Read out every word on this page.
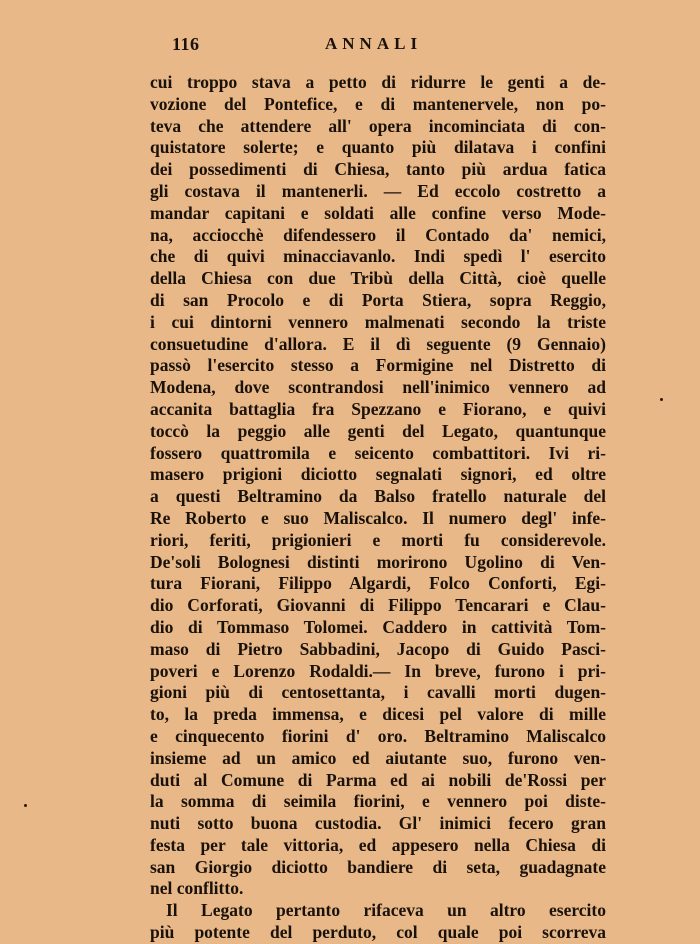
116	ANNALI
cui troppo stava a petto di ridurre le genti a de-
vozione del Pontefice, e di mantenervele, non po-
teva che attendere all' opera incominciata di con-
quistatore solerte; e quanto più dilatava i confini
dei possedimenti di Chiesa, tanto più ardua fatica
gli costava il mantenerli. — Ed eccolo costretto a
mandar capitani e soldati alle confine verso Mode-
na, acciocchè difendessero il Contado da' nemici,
che di quivi minacciavanlo. Indi spedì l' esercito
della Chiesa con due Tribù della Città, cioè quelle
di san Procolo e di Porta Stiera, sopra Reggio,
i cui dintorni vennero malmenati secondo la triste
consuetudine d'allora. E il dì seguente (9 Gennaio)
passò l'esercito stesso a Formigine nel Distretto di
Modena, dove scontrandosi nell'inimico vennero ad
accanita battaglia fra Spezzano e Fiorano, e quivi
toccò la peggio alle genti del Legato, quantunque
fossero quattromila e seicento combattitori. Ivi ri-
masero prigioni diciotto segnalati signori, ed oltre
a questi Beltramino da Balso fratello naturale del
Re Roberto e suo Maliscalco. Il numero degl' infe-
riori, feriti, prigionieri e morti fu considerevole.
De'soli Bolognesi distinti morirono Ugolino di Ven-
tura Fiorani, Filippo Algardi, Folco Conforti, Egi-
dio Corforati, Giovanni di Filippo Tencarari e Clau-
dio di Tommaso Tolomei. Caddero in cattività Tom-
maso di Pietro Sabbadini, Jacopo di Guido Pasci-
poveri e Lorenzo Rodaldi.— In breve, furono i pri-
gioni più di centosettanta, i cavalli morti dugen-
to, la preda immensa, e dicesi pel valore di mille
e cinquecento fiorini d' oro. Beltramino Maliscalco
insieme ad un amico ed aiutante suo, furono ven-
duti al Comune di Parma ed ai nobili de'Rossi per
la somma di seimila fiorini, e vennero poi diste-
nuti sotto buona custodia. Gl' inimici fecero gran
festa per tale vittoria, ed appesero nella Chiesa di
san Giorgio diciotto bandiere di seta, guadagnate
nel conflitto.
Il Legato pertanto rifaceva un altro esercito
più potente del perduto, col quale poi scorreva
